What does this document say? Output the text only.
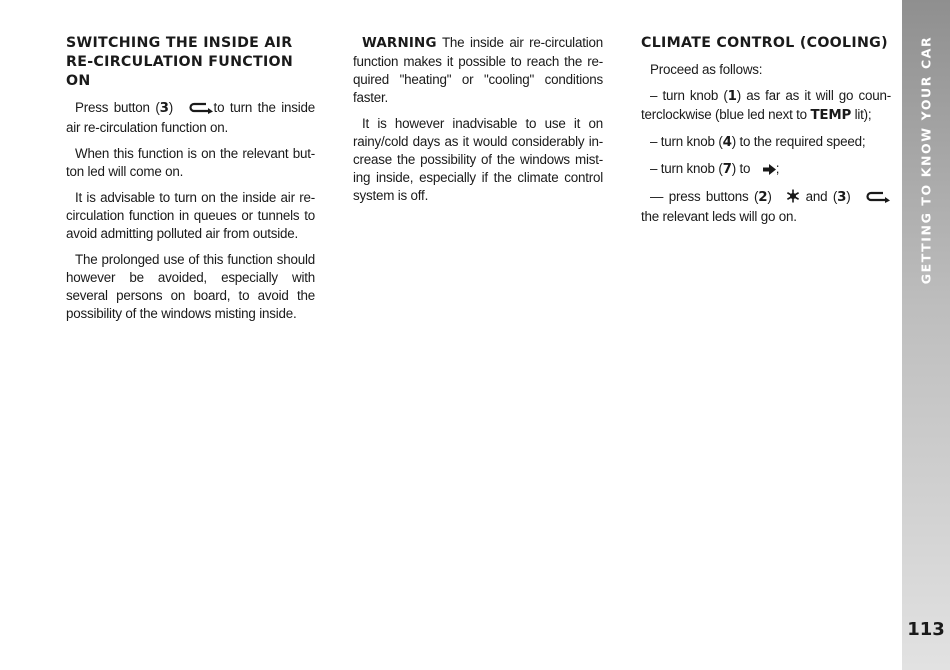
SWITCHING THE INSIDE AIR RE-CIRCULATION FUNCTION ON

Press button (3)	to turn the inside air re-circulation function on.

When this function is on the relevant but-ton led will come on.

It is advisable to turn on the inside air re-circulation function in queues or tunnels to avoid admitting polluted air from outside.

The prolonged use of this function should however be avoided, especially with several persons on board, to avoid the possibility of the windows misting inside.

WARNING The inside air re-circulation function makes it possible to reach the re-quired "heating" or "cooling" conditions faster.

It is however inadvisable to use it on rainy/cold days as it would considerably in-crease the possibility of the windows mist-ing inside, especially if the climate control system is off.

CLIMATE CONTROL (COOLING)

Proceed as follows:

– turn knob (1) as far as it will go coun-terclockwise (blue led next to TEMP lit);

– turn knob (4) to the required speed;

– turn knob (7) to ;

— press buttons (2)  and (3)  the relevant leds will go on.	GETTING TO KNOW YOUR CAR
113
